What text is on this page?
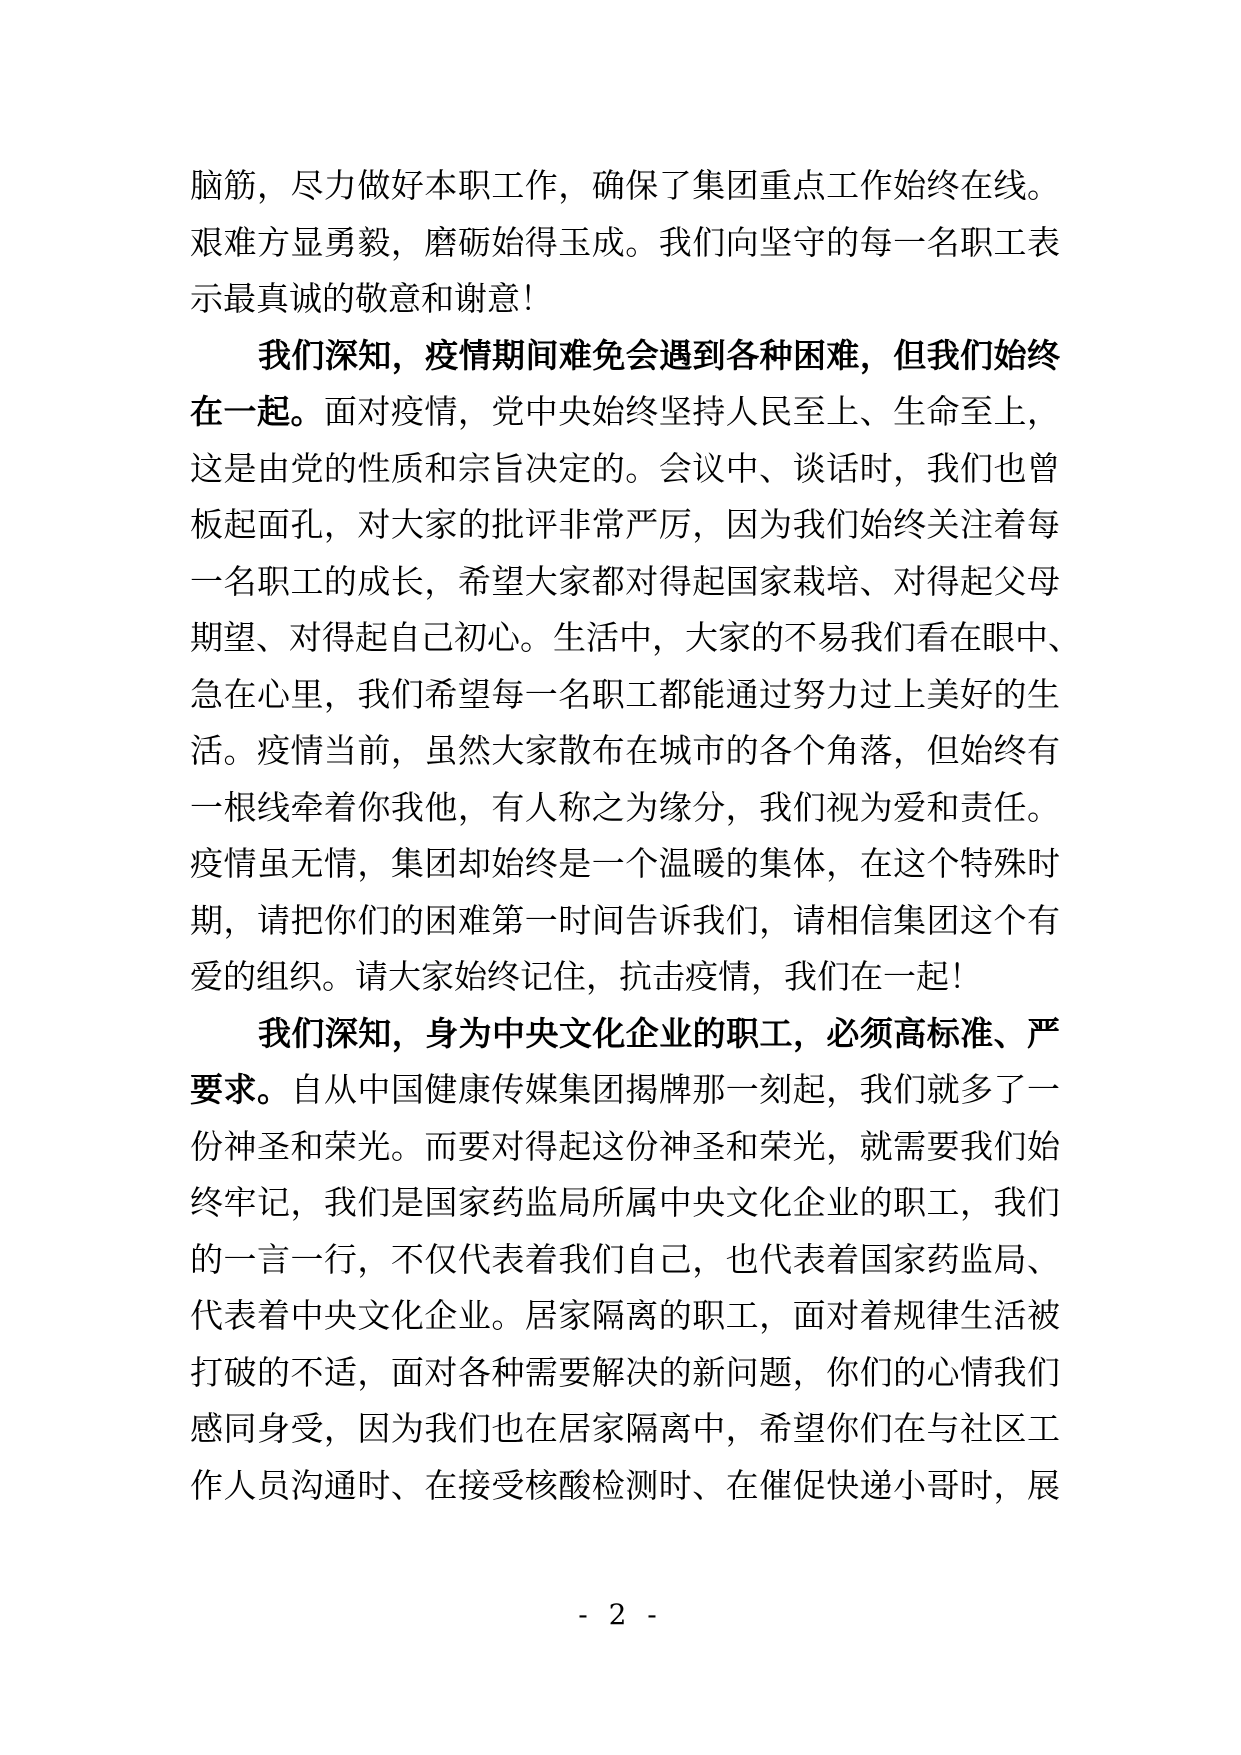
脑筋，尽力做好本职工作，确保了集团重点工作始终在线。
艰难方显勇毅，磨砺始得玉成。我们向坚守的每一名职工表
示最真诚的敬意和谢意！
我们深知，疫情期间难免会遇到各种困难，但我们始终
在一起。面对疫情，党中央始终坚持人民至上、生命至上，
这是由党的性质和宗旨决定的。会议中、谈话时，我们也曾
板起面孔，对大家的批评非常严厉，因为我们始终关注着每
一名职工的成长，希望大家都对得起国家栽培、对得起父母
期望、对得起自己初心。生活中，大家的不易我们看在眼中、
急在心里，我们希望每一名职工都能通过努力过上美好的生
活。疫情当前，虽然大家散布在城市的各个角落，但始终有
一根线牵着你我他，有人称之为缘分，我们视为爱和责任。
疫情虽无情，集团却始终是一个温暖的集体，在这个特殊时
期，请把你们的困难第一时间告诉我们，请相信集团这个有
爱的组织。请大家始终记住，抗击疫情，我们在一起！
我们深知，身为中央文化企业的职工，必须高标准、严
要求。自从中国健康传媒集团揭牌那一刻起，我们就多了一
份神圣和荣光。而要对得起这份神圣和荣光，就需要我们始
终牢记，我们是国家药监局所属中央文化企业的职工，我们
的一言一行，不仅代表着我们自己，也代表着国家药监局、
代表着中央文化企业。居家隔离的职工，面对着规律生活被
打破的不适，面对各种需要解决的新问题，你们的心情我们
感同身受，因为我们也在居家隔离中，希望你们在与社区工
作人员沟通时、在接受核酸检测时、在催促快递小哥时，展
- 2 -
